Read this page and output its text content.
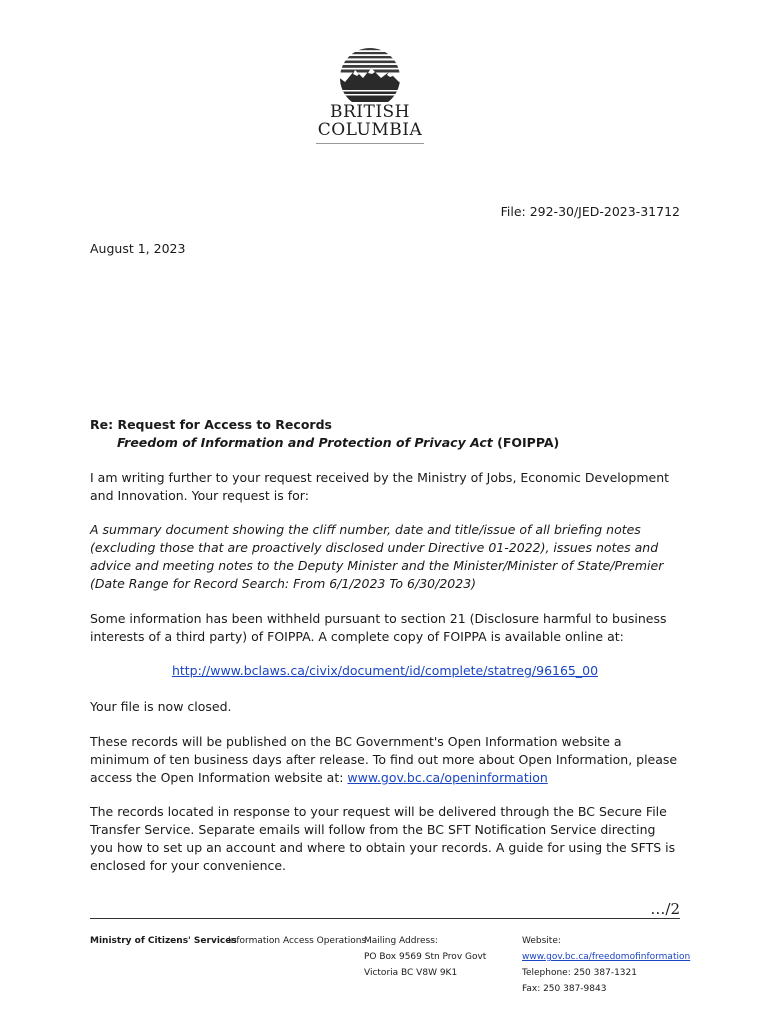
BRITISH
COLUMBIA
File: 292-30/JED-2023-31712
August 1, 2023
Re: Request for Access to Records
Freedom of Information and Protection of Privacy Act (FOIPPA)
I am writing further to your request received by the Ministry of Jobs, Economic Development and Innovation. Your request is for:
A summary document showing the cliff number, date and title/issue of all briefing notes (excluding those that are proactively disclosed under Directive 01-2022), issues notes and advice and meeting notes to the Deputy Minister and the Minister/Minister of State/Premier (Date Range for Record Search: From 6/1/2023 To 6/30/2023)
Some information has been withheld pursuant to section 21 (Disclosure harmful to business interests of a third party) of FOIPPA. A complete copy of FOIPPA is available online at:
http://www.bclaws.ca/civix/document/id/complete/statreg/96165_00
Your file is now closed.
These records will be published on the BC Government's Open Information website a minimum of ten business days after release. To find out more about Open Information, please access the Open Information website at: www.gov.bc.ca/openinformation
The records located in response to your request will be delivered through the BC Secure File Transfer Service. Separate emails will follow from the BC SFT Notification Service directing you how to set up an account and where to obtain your records. A guide for using the SFTS is enclosed for your convenience.
…/2
Ministry of Citizens' Services
Information Access Operations
Mailing Address:
PO Box 9569 Stn Prov Govt
Victoria BC V8W 9K1
Website:
www.gov.bc.ca/freedomofinformation
Telephone: 250 387-1321
Fax: 250 387-9843
